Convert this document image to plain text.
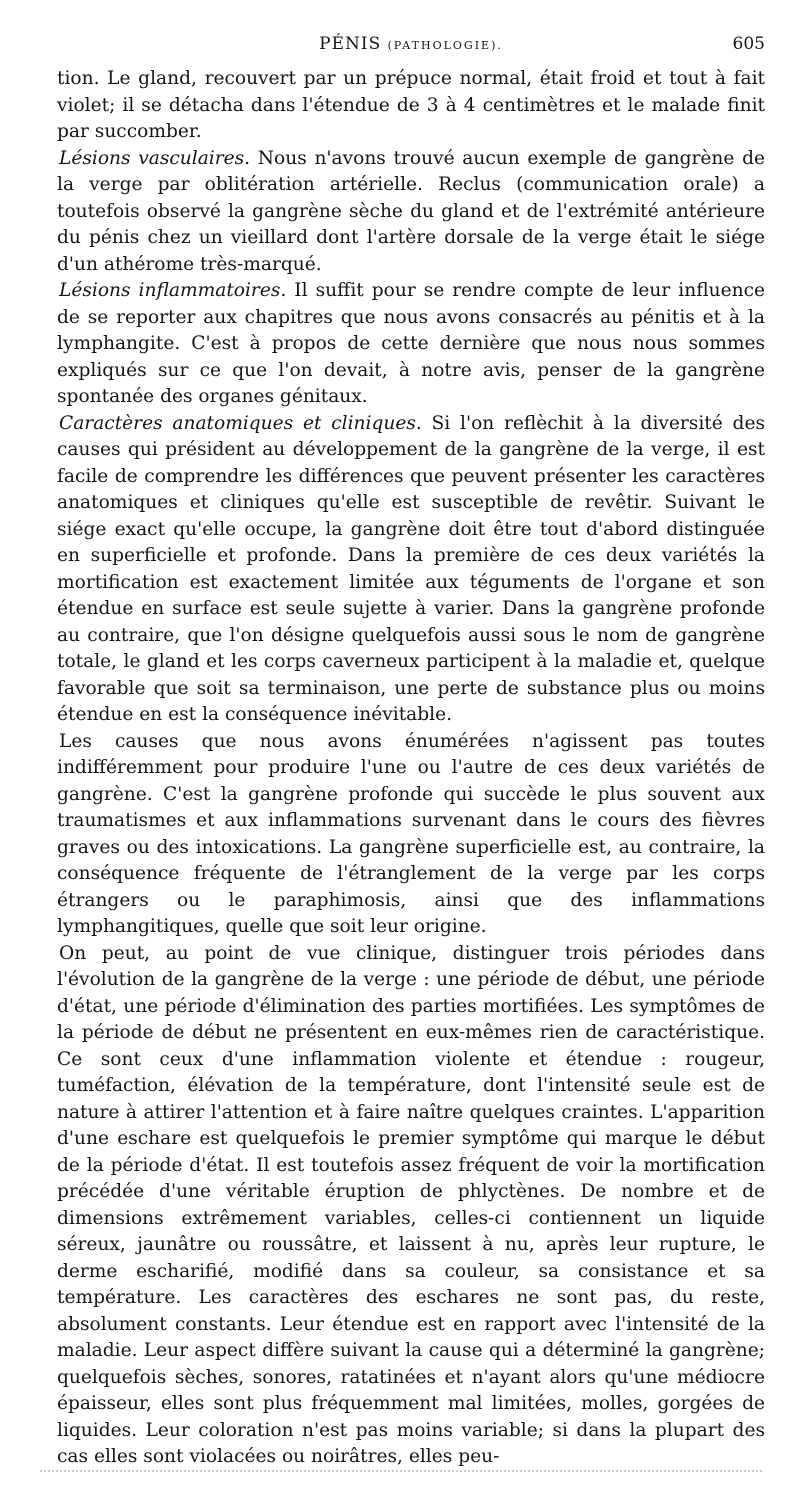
PÉNIS (PATHOLOGIE).	605

tion. Le gland, recouvert par un prépuce normal, était froid et tout à fait violet; il se détacha dans l'étendue de 3 à 4 centimètres et le malade finit par succomber.

Lésions vasculaires. Nous n'avons trouvé aucun exemple de gangrène de la verge par oblitération artérielle. Reclus (communication orale) a toutefois observé la gangrène sèche du gland et de l'extrémité antérieure du pénis chez un vieillard dont l'artère dorsale de la verge était le siége d'un athérome très-marqué.

Lésions inflammatoires. Il suffit pour se rendre compte de leur influence de se reporter aux chapitres que nous avons consacrés au pénitis et à la lymphangite. C'est à propos de cette dernière que nous nous sommes expliqués sur ce que l'on devait, à notre avis, penser de la gangrène spontanée des organes génitaux.

Caractères anatomiques et cliniques. Si l'on reflèchit à la diversité des causes qui président au développement de la gangrène de la verge, il est facile de comprendre les différences que peuvent présenter les caractères anatomiques et cliniques qu'elle est susceptible de revêtir. Suivant le siége exact qu'elle occupe, la gangrène doit être tout d'abord distinguée en superficielle et profonde. Dans la première de ces deux variétés la mortification est exactement limitée aux téguments de l'organe et son étendue en surface est seule sujette à varier. Dans la gangrène profonde au contraire, que l'on désigne quelquefois aussi sous le nom de gangrène totale, le gland et les corps caverneux participent à la maladie et, quelque favorable que soit sa terminaison, une perte de substance plus ou moins étendue en est la conséquence inévitable.

Les causes que nous avons énumérées n'agissent pas toutes indifféremment pour produire l'une ou l'autre de ces deux variétés de gangrène. C'est la gangrène profonde qui succède le plus souvent aux traumatismes et aux inflammations survenant dans le cours des fièvres graves ou des intoxications. La gangrène superficielle est, au contraire, la conséquence fréquente de l'étranglement de la verge par les corps étrangers ou le paraphimosis, ainsi que des inflammations lymphangitiques, quelle que soit leur origine.

On peut, au point de vue clinique, distinguer trois périodes dans l'évolution de la gangrène de la verge : une période de début, une période d'état, une période d'élimination des parties mortifiées. Les symptômes de la période de début ne présentent en eux-mêmes rien de caractéristique. Ce sont ceux d'une inflammation violente et étendue : rougeur, tuméfaction, élévation de la température, dont l'intensité seule est de nature à attirer l'attention et à faire naître quelques craintes. L'apparition d'une eschare est quelquefois le premier symptôme qui marque le début de la période d'état. Il est toutefois assez fréquent de voir la mortification précédée d'une véritable éruption de phlyctènes. De nombre et de dimensions extrêmement variables, celles-ci contiennent un liquide séreux, jaunâtre ou roussâtre, et laissent à nu, après leur rupture, le derme escharifié, modifié dans sa couleur, sa consistance et sa température. Les caractères des eschares ne sont pas, du reste, absolument constants. Leur étendue est en rapport avec l'intensité de la maladie. Leur aspect diffère suivant la cause qui a déterminé la gangrène; quelquefois sèches, sonores, ratatinées et n'ayant alors qu'une médiocre épaisseur, elles sont plus fréquemment mal limitées, molles, gorgées de liquides. Leur coloration n'est pas moins variable; si dans la plupart des cas elles sont violacées ou noirâtres, elles peu-
